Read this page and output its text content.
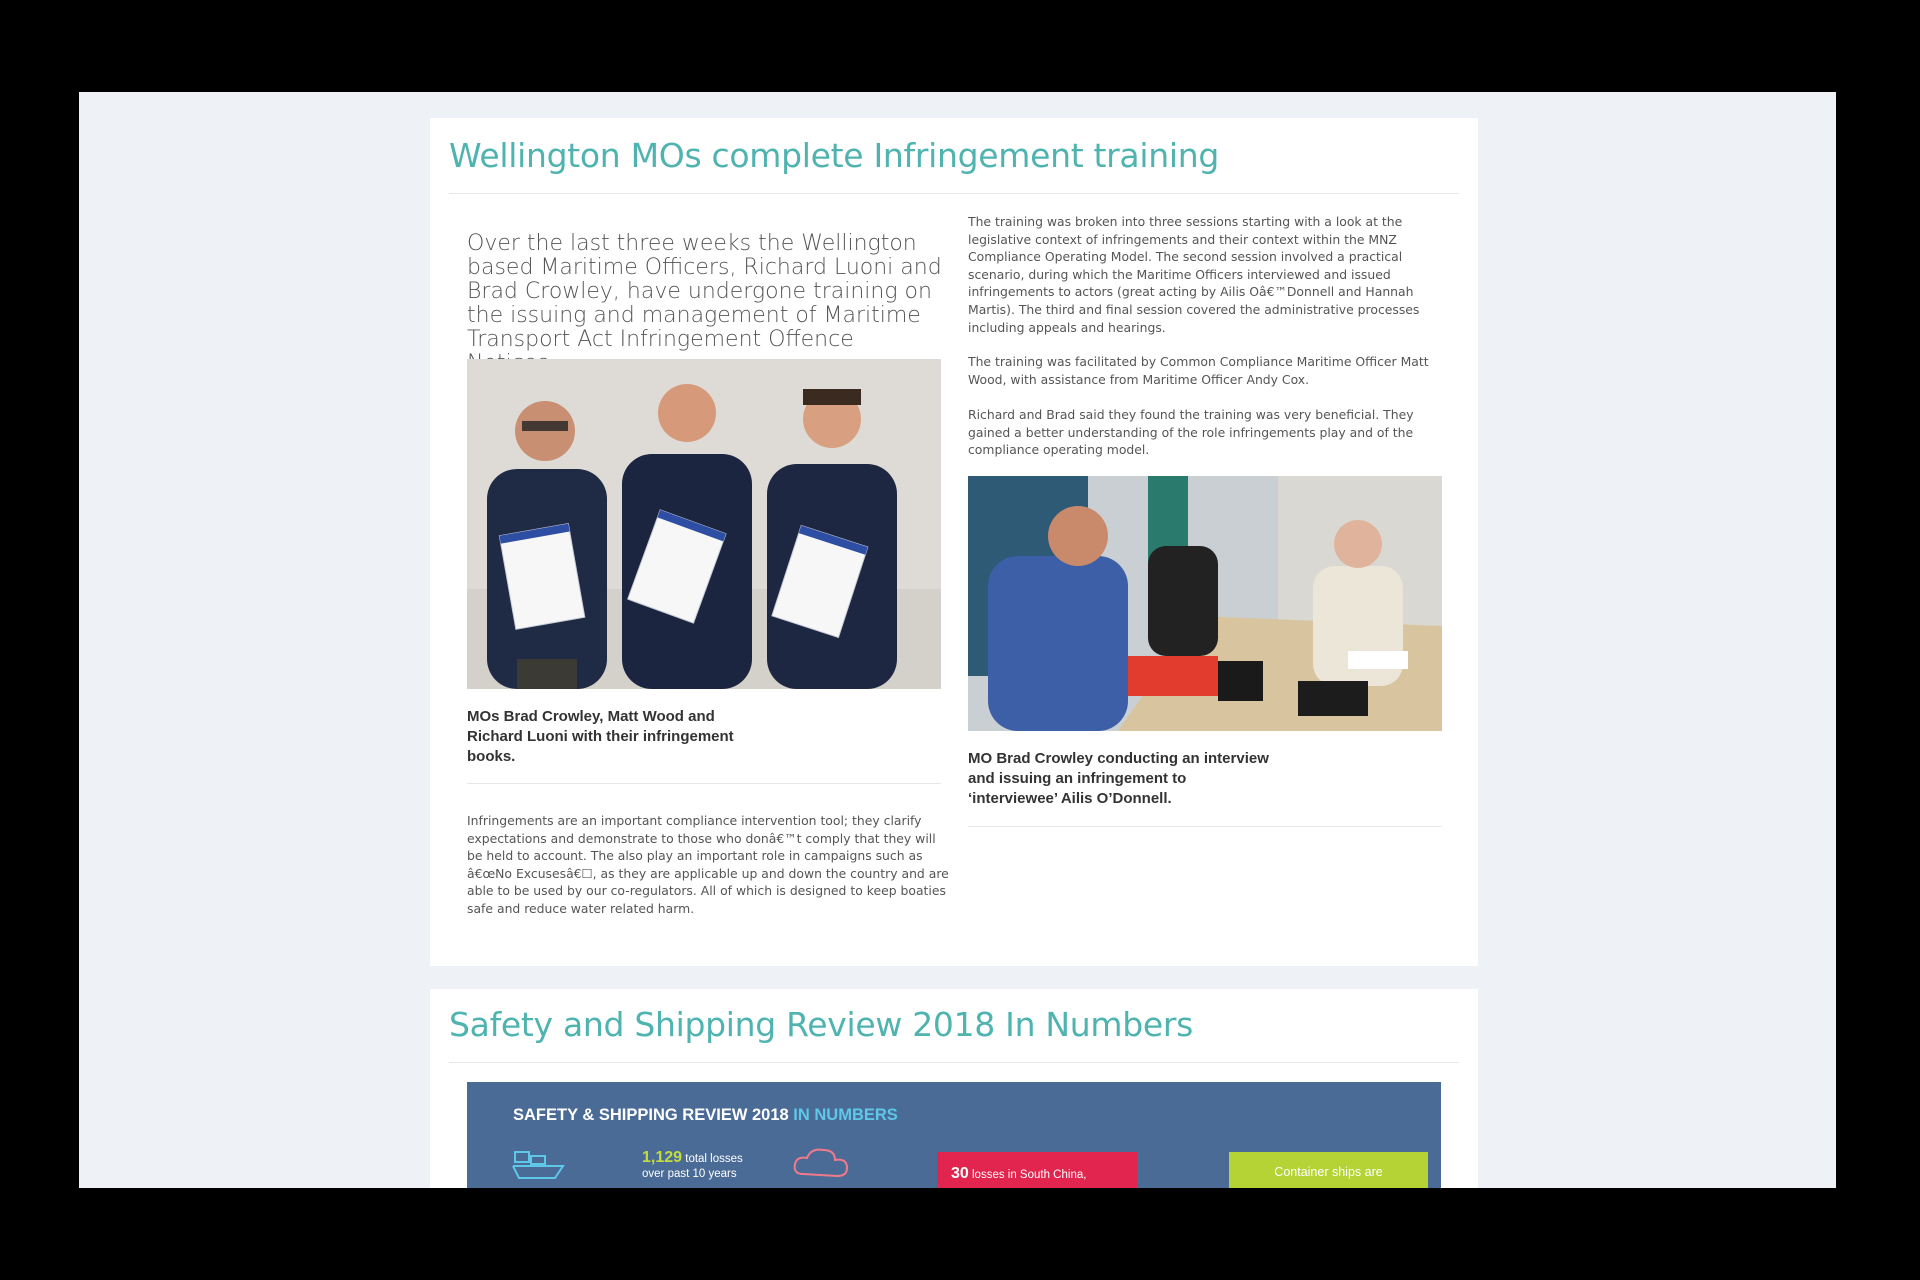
Wellington MOs complete Infringement training

Over the last three weeks the Wellington based Maritime Officers, Richard Luoni and Brad Crowley, have undergone training on the issuing and management of Maritime Transport Act Infringement Offence

MOs Brad Crowley, Matt Wood and Richard Luoni with their infringement books.

Infringements are an important compliance intervention tool; they clarify expectations and demonstrate to those who donâ€™t comply that they will be held to account. The also play an important role in campaigns such as â€œNo Excusesâ€☐, as they are applicable up and down the country and are able to be used by our co-regulators. All of which is designed to keep boaties safe and reduce water related harm.

The training was broken into three sessions starting with a look at the legislative context of infringements and their context within the MNZ Compliance Operating Model. The second session involved a practical scenario, during which the Maritime Officers interviewed and issued infringements to actors (great acting by Ailis Oâ€™Donnell and Hannah Martis). The third and final session covered the administrative processes including appeals and hearings.

The training was facilitated by Common Compliance Maritime Officer Matt Wood, with assistance from Maritime Officer Andy Cox.

Richard and Brad said they found the training was very beneficial. They gained a better understanding of the role infringements play and of the compliance operating model.

MO Brad Crowley conducting an interview and issuing an infringement to ‘interviewee’ Ailis O’Donnell.

Safety and Shipping Review 2018 In Numbers
SAFETY & SHIPPING REVIEW 2018 IN NUMBERS
1,129 total losses
over past 10 years	30 losses in South China,	Container ships are
